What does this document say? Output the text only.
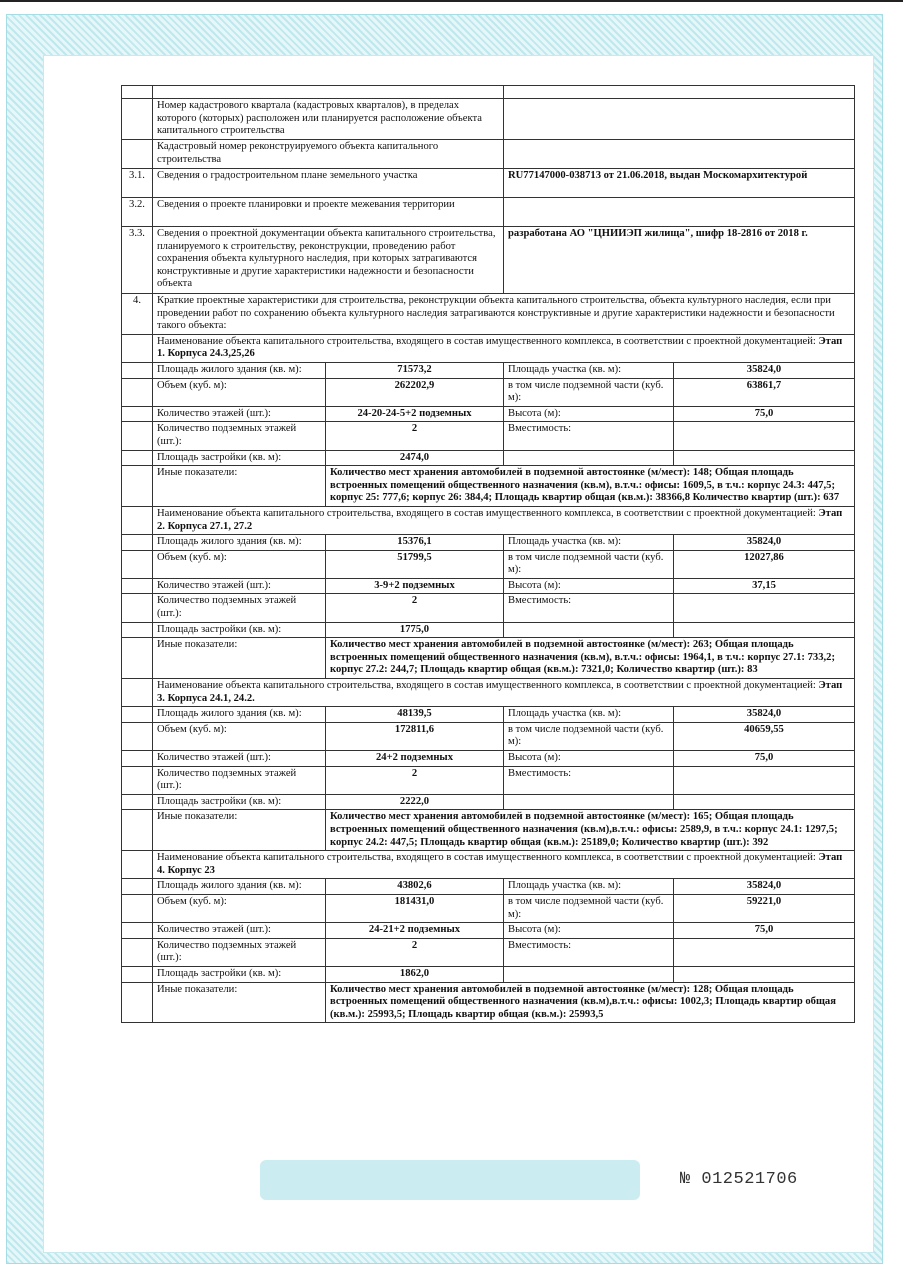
	Номер кадастрового квартала (кадастровых кварталов), в пределах которого (которых) расположен или планируется расположение объекта капитального строительства			
	Кадастровый номер реконструируемого объекта капитального строительства			
3.1.	Сведения о градостроительном плане земельного участка		RU77147000-038713 от 21.06.2018, выдан Москомархитектурой	
3.2.	Сведения о проекте планировки и проекте межевания территории			
3.3.	Сведения о проектной документации объекта капитального строительства, планируемого к строительству, реконструкции, проведению работ сохранения объекта культурного наследия, при которых затрагиваются конструктивные и другие характеристики надежности и безопасности объекта		разработана АО "ЦНИИЭП жилища", шифр 18-2816 от 2018 г.	
4.	Краткие проектные характеристики для строительства, реконструкции объекта капитального строительства, объекта культурного наследия, если при проведении работ по сохранению объекта культурного наследия затрагиваются конструктивные и другие характеристики надежности и безопасности такого объекта:			
	Наименование объекта капитального строительства, входящего в состав имущественного комплекса, в соответствии с проектной документацией: Этап 1. Корпуса 24.3,25,26			
	Площадь жилого здания (кв. м):	71573,2	Площадь участка (кв. м):	35824,0
	Объем (куб. м):	262202,9	в том числе подземной части (куб. м):	63861,7
	Количество этажей (шт.):	24-20-24-5+2 подземных	Высота (м):	75,0
	Количество подземных этажей (шт.):	2	Вместимость:	
	Площадь застройки (кв. м):	2474,0		
	Иные показатели:	Количество мест хранения автомобилей в подземной автостоянке (м/мест): 148; Общая площадь встроенных помещений общественного назначения (кв.м), в.т.ч.: офисы: 1609,5, в т.ч.: корпус 24.3: 447,5; корпус 25: 777,6; корпус 26: 384,4; Площадь квартир общая (кв.м.): 38366,8 Количество квартир (шт.): 637		
	Наименование объекта капитального строительства, входящего в состав имущественного комплекса, в соответствии с проектной документацией: Этап 2. Корпуса 27.1, 27.2			
	Площадь жилого здания (кв. м):	15376,1	Площадь участка (кв. м):	35824,0
	Объем (куб. м):	51799,5	в том числе подземной части (куб. м):	12027,86
	Количество этажей (шт.):	3-9+2 подземных	Высота (м):	37,15
	Количество подземных этажей (шт.):	2	Вместимость:	
	Площадь застройки (кв. м):	1775,0		
	Иные показатели:	Количество мест хранения автомобилей в подземной автостоянке (м/мест): 263; Общая площадь встроенных помещений общественного назначения (кв.м), в.т.ч.: офисы: 1964,1, в т.ч.: корпус 27.1: 733,2; корпус 27.2: 244,7; Площадь квартир общая (кв.м.): 7321,0; Количество квартир (шт.): 83		
	Наименование объекта капитального строительства, входящего в состав имущественного комплекса, в соответствии с проектной документацией: Этап 3. Корпуса 24.1, 24.2.			
	Площадь жилого здания (кв. м):	48139,5	Площадь участка (кв. м):	35824,0
	Объем (куб. м):	172811,6	в том числе подземной части (куб. м):	40659,55
	Количество этажей (шт.):	24+2 подземных	Высота (м):	75,0
	Количество подземных этажей (шт.):	2	Вместимость:	
	Площадь застройки (кв. м):	2222,0		
	Иные показатели:	Количество мест хранения автомобилей в подземной автостоянке (м/мест): 165; Общая площадь встроенных помещений общественного назначения (кв.м),в.т.ч.: офисы: 2589,9, в т.ч.: корпус 24.1: 1297,5; корпус 24.2: 447,5; Площадь квартир общая (кв.м.): 25189,0; Количество квартир (шт.): 392		
	Наименование объекта капитального строительства, входящего в состав имущественного комплекса, в соответствии с проектной документацией: Этап 4. Корпус 23			
	Площадь жилого здания (кв. м):	43802,6	Площадь участка (кв. м):	35824,0
	Объем (куб. м):	181431,0	в том числе подземной части (куб. м):	59221,0
	Количество этажей (шт.):	24-21+2 подземных	Высота (м):	75,0
	Количество подземных этажей (шт.):	2	Вместимость:	
	Площадь застройки (кв. м):	1862,0		
	Иные показатели:	Количество мест хранения автомобилей в подземной автостоянке (м/мест): 128; Общая площадь встроенных помещений общественного назначения (кв.м),в.т.ч.: офисы: 1002,3; Площадь квартир общая (кв.м.): 25993,5; Площадь квартир общая (кв.м.): 25993,5		
№ 012521706
